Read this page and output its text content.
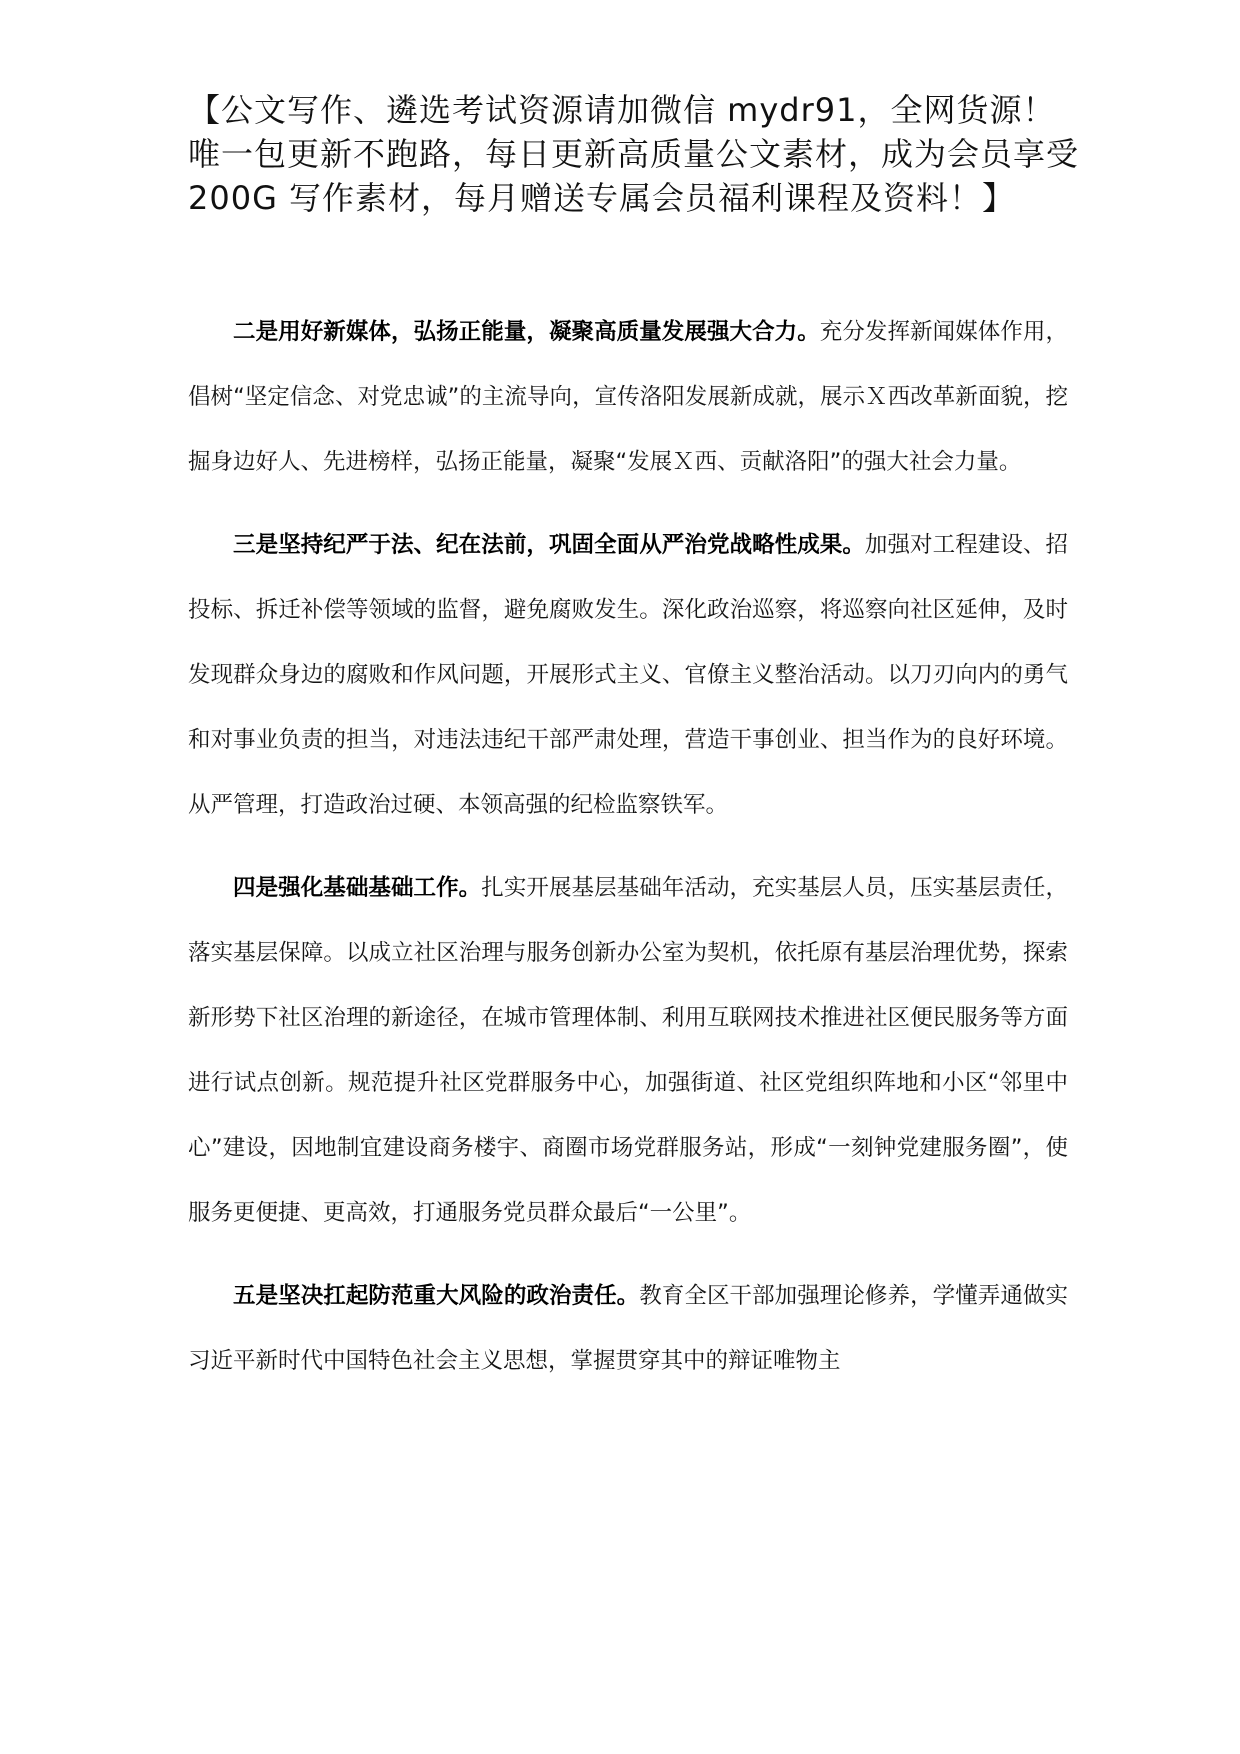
【公文写作、遴选考试资源请加微信 mydr91，全网货源！唯一包更新不跑路，每日更新高质量公文素材，成为会员享受 200G 写作素材，每月赠送专属会员福利课程及资料！】

二是用好新媒体，弘扬正能量，凝聚高质量发展强大合力。充分发挥新闻媒体作用，倡树“坚定信念、对党忠诚”的主流导向，宣传洛阳发展新成就，展示Ｘ西改革新面貌，挖掘身边好人、先进榜样，弘扬正能量，凝聚“发展Ｘ西、贡献洛阳”的强大社会力量。

三是坚持纪严于法、纪在法前，巩固全面从严治党战略性成果。加强对工程建设、招投标、拆迁补偿等领域的监督，避免腐败发生。深化政治巡察，将巡察向社区延伸，及时发现群众身边的腐败和作风问题，开展形式主义、官僚主义整治活动。以刀刃向内的勇气和对事业负责的担当，对违法违纪干部严肃处理，营造干事创业、担当作为的良好环境。从严管理，打造政治过硬、本领高强的纪检监察铁军。

四是强化基础基础工作。扎实开展基层基础年活动，充实基层人员，压实基层责任，落实基层保障。以成立社区治理与服务创新办公室为契机，依托原有基层治理优势，探索新形势下社区治理的新途径，在城市管理体制、利用互联网技术推进社区便民服务等方面进行试点创新。规范提升社区党群服务中心，加强街道、社区党组织阵地和小区“邻里中心”建设，因地制宜建设商务楼宇、商圈市场党群服务站，形成“一刻钟党建服务圈”，使服务更便捷、更高效，打通服务党员群众最后“一公里”。

五是坚决扛起防范重大风险的政治责任。教育全区干部加强理论修养，学懂弄通做实习近平新时代中国特色社会主义思想，掌握贯穿其中的辩证唯物主
